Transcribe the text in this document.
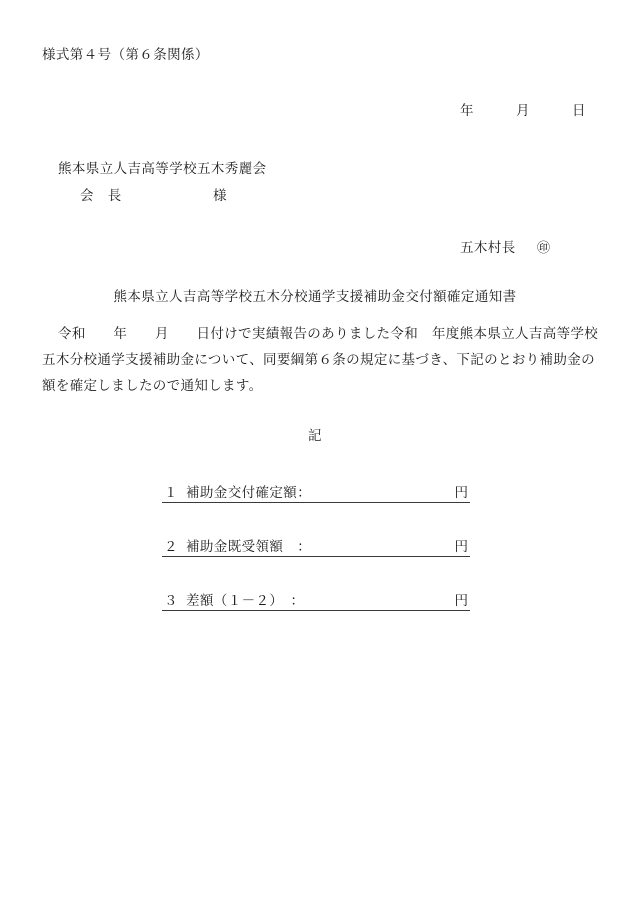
様式第４号（第６条関係）
年　　　月　　　日
熊本県立人吉高等学校五木秀麗会
会　長	様
五木村長 ㊞
熊本県立人吉高等学校五木分校通学支援補助金交付額確定通知書
令和　　年　　月　　日付けで実績報告のありました令和　年度熊本県立人吉高等学校
五木分校通学支援補助金について、同要綱第６条の規定に基づき、下記のとおり補助金の
額を確定しましたので通知します。
記
１ 補助金交付確定額：	円
２ 補助金既受領額　：	円
３ 差額（１－２）　：	円
